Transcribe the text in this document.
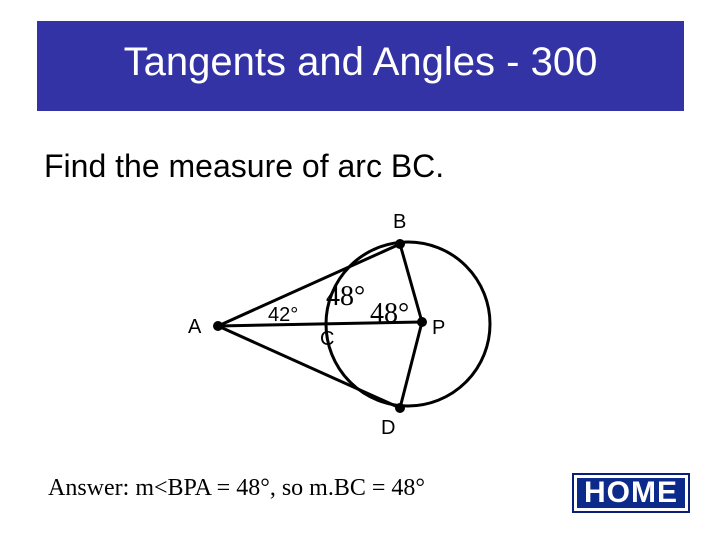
Tangents and Angles - 300
Find the measure of arc BC.
A
B
C
D
P
42°
48°
48°
Answer: m<BPA = 48°, so m.BC = 48°	HOME
